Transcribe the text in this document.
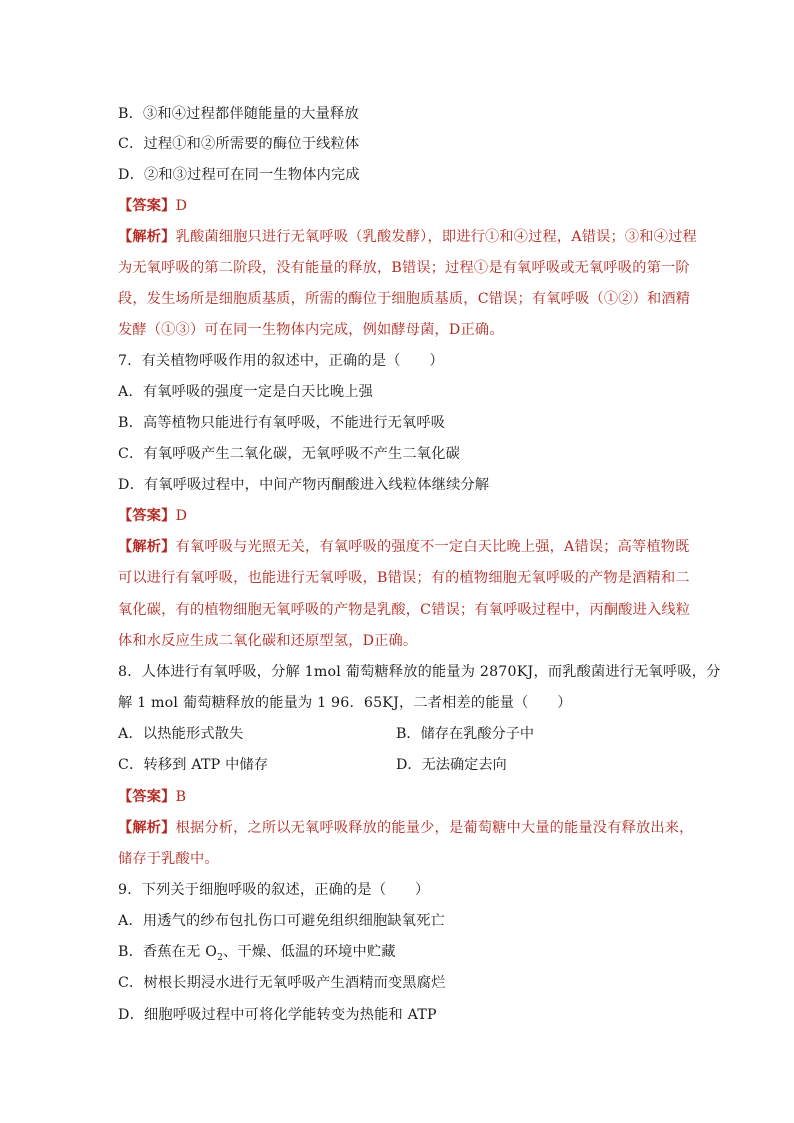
B．③和④过程都伴随能量的大量释放
C．过程①和②所需要的酶位于线粒体
D．②和③过程可在同一生物体内完成
【答案】D
【解析】乳酸菌细胞只进行无氧呼吸（乳酸发酵），即进行①和④过程，A错误；③和④过程
为无氧呼吸的第二阶段，没有能量的释放，B错误；过程①是有氧呼吸或无氧呼吸的第一阶
段，发生场所是细胞质基质，所需的酶位于细胞质基质，C错误；有氧呼吸（①②）和酒精
发酵（①③）可在同一生物体内完成，例如酵母菌，D正确。
7．有关植物呼吸作用的叙述中，正确的是（　　）
A．有氧呼吸的强度一定是白天比晚上强
B．高等植物只能进行有氧呼吸，不能进行无氧呼吸
C．有氧呼吸产生二氧化碳，无氧呼吸不产生二氧化碳
D．有氧呼吸过程中，中间产物丙酮酸进入线粒体继续分解
【答案】D
【解析】有氧呼吸与光照无关，有氧呼吸的强度不一定白天比晚上强，A错误；高等植物既
可以进行有氧呼吸，也能进行无氧呼吸，B错误；有的植物细胞无氧呼吸的产物是酒精和二
氧化碳，有的植物细胞无氧呼吸的产物是乳酸，C错误；有氧呼吸过程中，丙酮酸进入线粒
体和水反应生成二氧化碳和还原型氢，D正确。
8．人体进行有氧呼吸，分解 1mol 葡萄糖释放的能量为 2870KJ，而乳酸菌进行无氧呼吸，分
解 1 mol 葡萄糖释放的能量为 1 96．65KJ，二者相差的能量（　　）
A．以热能形式散失	B．储存在乳酸分子中
C．转移到 ATP 中储存	D．无法确定去向
【答案】B
【解析】根据分析，之所以无氧呼吸释放的能量少，是葡萄糖中大量的能量没有释放出来，
储存于乳酸中。
9．下列关于细胞呼吸的叙述，正确的是（　　）
A．用透气的纱布包扎伤口可避免组织细胞缺氧死亡
B．香蕉在无 $O_2$、干燥、低温的环境中贮藏
C．树根长期浸水进行无氧呼吸产生酒精而变黑腐烂
D．细胞呼吸过程中可将化学能转变为热能和 ATP
